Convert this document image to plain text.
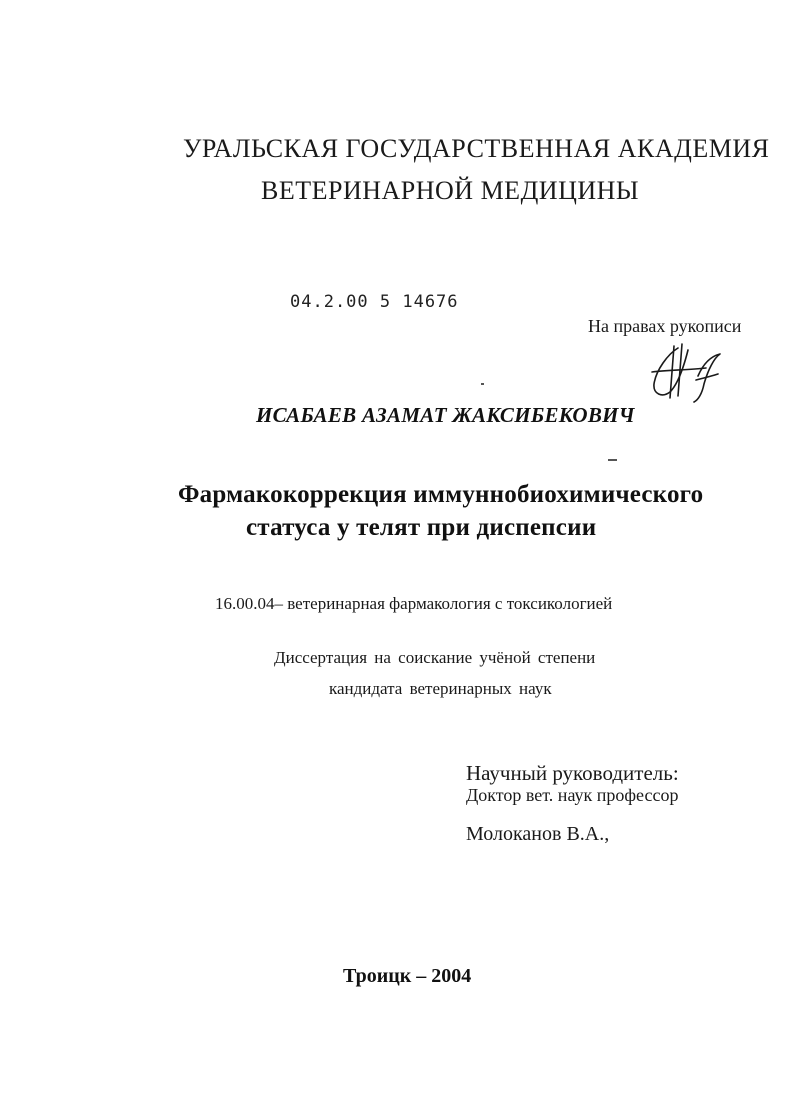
УРАЛЬСКАЯ ГОСУДАРСТВЕННАЯ АКАДЕМИЯ

ВЕТЕРИНАРНОЙ МЕДИЦИНЫ

04.2.00 5 14676

На правах рукописи

ИСАБАЕВ АЗАМАТ ЖАКСИБЕКОВИЧ

Фармакокоррекция иммуннобиохимического

статуса у телят при диспепсии

16.00.04– ветеринарная фармакология с токсикологией

Диссертация на соискание учёной степени

кандидата ветеринарных наук

Научный руководитель:

Доктор вет. наук профессор

Молоканов В.А.,

Троицк – 2004
